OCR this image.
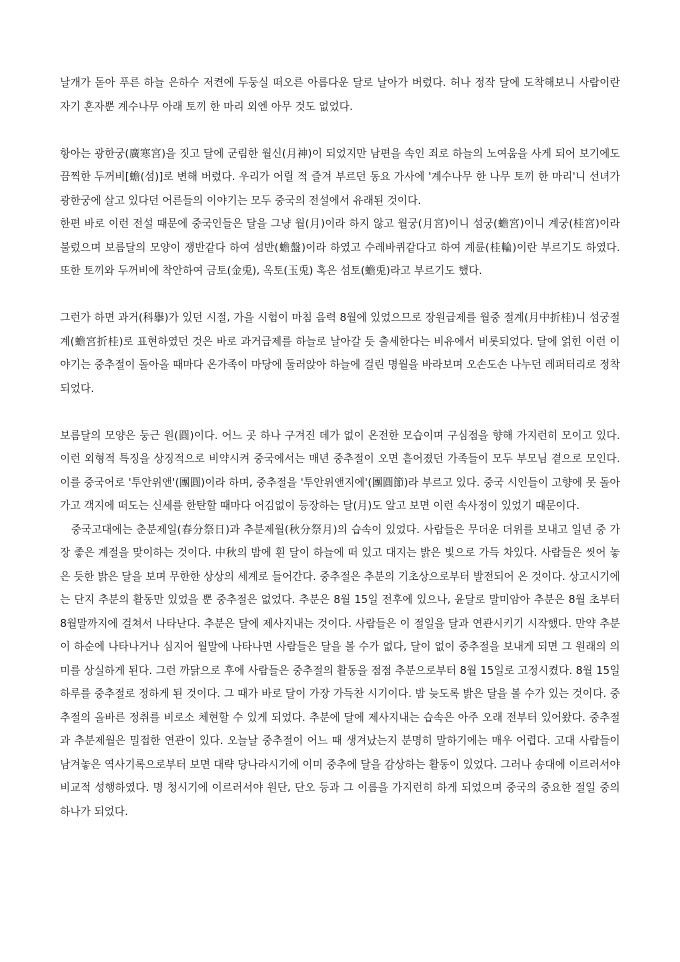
날개가 돋아 푸른 하늘 은하수 저켠에 두둥실 떠오른 아름다운 달로 날아가 버렸다. 허나 정작 달에 도착해보니 사람이란 자기 혼자뿐 계수나무 아래 토끼 한 마리 외엔 아무 것도 없었다.

항아는 광한궁(廣寒宮)을 짓고 달에 군림한 월신(月神)이 되었지만 남편을 속인 죄로 하늘의 노여움을 사게 되어 보기에도 끔찍한 두꺼비[蟾(섬)]로 변해 버렸다. 우리가 어릴 적 즐겨 부르던 동요 가사에 '계수나무 한 나무 토끼 한 마리'니 선녀가 광한궁에 살고 있다던 어른들의 이야기는 모두 중국의 전설에서 유래된 것이다.

한편 바로 이런 전설 때문에 중국인들은 달을 그냥 월(月)이라 하지 않고 월궁(月宮)이니 섬궁(蟾宮)이니 계궁(桂宮)이라 불렀으며 보름달의 모양이 쟁반같다 하여 섬반(蟾盤)이라 하였고 수레바퀴같다고 하여 계륜(桂輪)이란 부르기도 하였다. 또한 토끼와 두꺼비에 착안하여 금토(金兎), 옥토(玉兎) 혹은 섬토(蟾兎)라고 부르기도 했다.

그런가 하면 과거(科擧)가 있던 시절, 가을 시험이 마침 음력 8월에 있었으므로 장원급제를 월중 절계(月中折桂)니 섬궁절계(蟾宮折桂)로 표현하였던 것은 바로 과거급제를 하늘로 날아갈 듯 출세한다는 비유에서 비롯되었다. 달에 얽힌 이런 이야기는 중추절이 돌아올 때마다 온가족이 마당에 둘러앉아 하늘에 걸린 명월을 바라보며 오손도손 나누던 레퍼터리로 정착되었다.

보름달의 모양은 둥근 원(圓)이다. 어느 곳 하나 구겨진 데가 없이 온전한 모습이며 구심점을 향해 가지런히 모이고 있다. 이런 외형적 특징을 상징적으로 비약시켜 중국에서는 매년 중추절이 오면 흩어졌던 가족들이 모두 부모님 곁으로 모인다. 이를 중국어로 '투안위앤'(團圓)이라 하며, 중추절을 '투안위앤지에'(團圓節)라 부르고 있다. 중국 시인들이 고향에 못 돌아가고 객지에 떠도는 신세를 한탄할 때마다 어김없이 등장하는 달(月)도 알고 보면 이런 속사정이 있었기 때문이다.

　중국고대에는 춘분제일(春分祭日)과 추분제월(秋分祭月)의 습속이 있었다. 사람들은 무더운 더위를 보내고 일년 중 가장 좋은 계절을 맞이하는 것이다. 中秋의 밤에 흰 달이 하늘에 떠 있고 대지는 밝은 빛으로 가득 차있다. 사람들은 씻어 놓은 듯한 밝은 달을 보며 무한한 상상의 세계로 들어간다. 중추절은 추분의 기초상으로부터 발전되어 온 것이다. 상고시기에는 단지 추분의 활동만 있었을 뿐 중추절은 없었다. 추분은 8월 15일 전후에 있으나, 윤달로 말미암아 추분은 8월 초부터 8월말까지에 걸쳐서 나타난다. 추분은 달에 제사지내는 것이다. 사람들은 이 절일을 달과 연관시키기 시작했다. 만약 추분이 하순에 나타나거나 심지어 월말에 나타나면 사람들은 달을 볼 수가 없다, 달이 없이 중추절을 보내게 되면 그 원래의 의미를 상실하게 된다. 그런 까닭으로 후에 사람들은 중추절의 활동을 점점 추분으로부터 8월 15일로 고정시켰다. 8월 15일 하루를 중추절로 정하게 된 것이다. 그 때가 바로 달이 가장 가득찬 시기이다. 밤 늦도록 밝은 달을 볼 수가 있는 것이다. 중추절의 올바른 정취를 비로소 체현할 수 있게 되었다. 추분에 달에 제사지내는 습속은 아주 오래 전부터 있어왔다. 중추절과 추분제월은 밀접한 연관이 있다. 오늘날 중추절이 어느 때 생겨났는지 분명히 말하기에는 매우 어렵다. 고대 사람들이 남겨놓은 역사기록으로부터 보면 대략 당나라시기에 이미 중추에 달을 감상하는 활동이 있었다. 그러나 송대에 이르러서야 비교적 성행하였다. 명 청시기에 이르러서야 원단, 단오 등과 그 이름을 가지런히 하게 되었으며 중국의 중요한 절일 중의 하나가 되었다.
